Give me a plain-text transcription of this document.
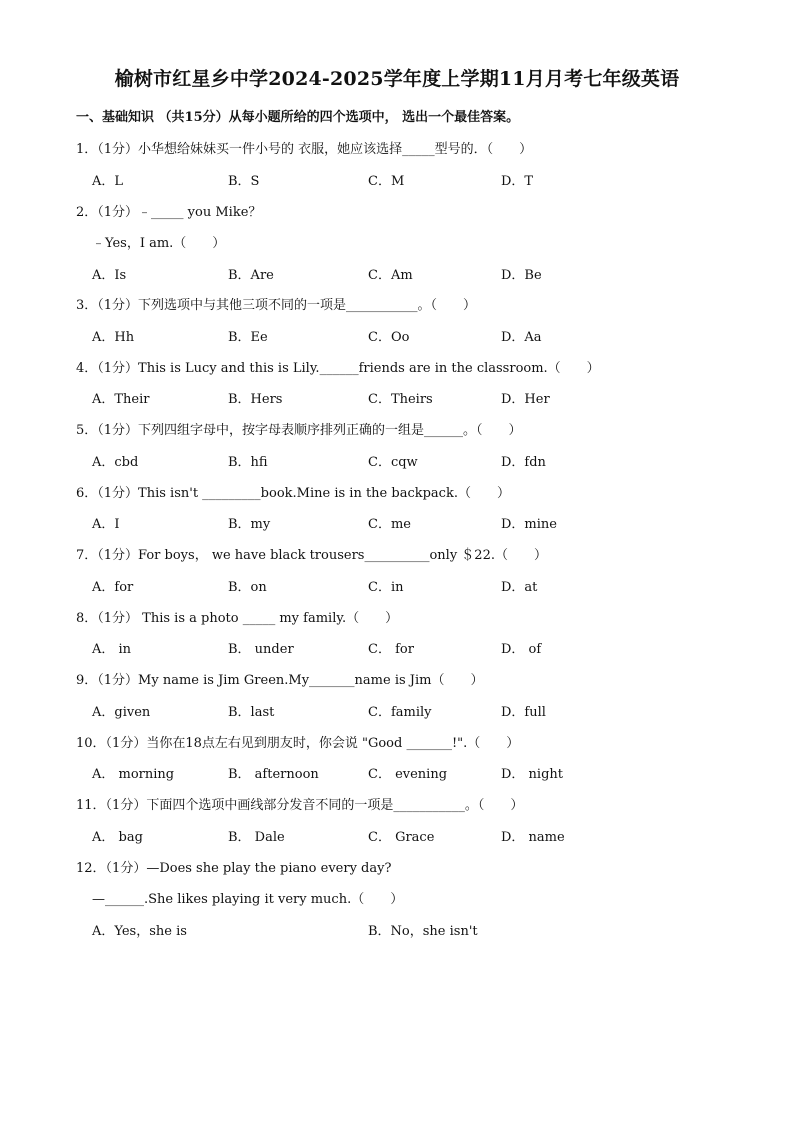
榆树市红星乡中学2024-2025学年度上学期11月月考七年级英语
一、基础知识 （共15分）从每小题所给的四个选项中， 选出一个最佳答案。
1．（1分）小华想给妹妹买一件小号的 衣服，她应该选择_____型号的．（　　）
A．L	B．S	C．M	D．T
2．（1分）﹣_____ you Mike？
﹣Yes，I am.（　　）
A．Is	B．Are	C．Am	D．Be
3．（1分）下列选项中与其他三项不同的一项是___________。（　　）
A．Hh	B．Ee	C．Oo	D．Aa
4．（1分）This is Lucy and this is Lily.______friends are in the classroom.（　　）
A．Their	B．Hers	C．Theirs	D．Her
5．（1分）下列四组字母中，按字母表顺序排列正确的一组是______。（　　）
A．cbd	B．hfi	C．cqw	D．fdn
6．（1分）This isn't _________book.Mine is in the backpack.（　　）
A．I	B．my	C．me	D．mine
7．（1分）For boys， we have black trousers__________only ＄22.（　　）
A．for	B．on	C．in	D．at
8．（1分） This is a photo _____ my family.（　　）
A． in	B． under	C． for	D． of
9．（1分）My name is Jim Green.My_______name is Jim（　　）
A．given	B．last	C．family	D．full
10．（1分）当你在18点左右见到朋友时，你会说 "Good _______!".（　　）
A． morning	B． afternoon	C． evening	D． night
11．（1分）下面四个选项中画线部分发音不同的一项是___________。（　　）
A． bag	B． Dale	C． Grace	D． name
12．（1分）—Does she play the piano every day?
—______.She likes playing it very much.（　　）
A．Yes，she is	B．No，she isn't
